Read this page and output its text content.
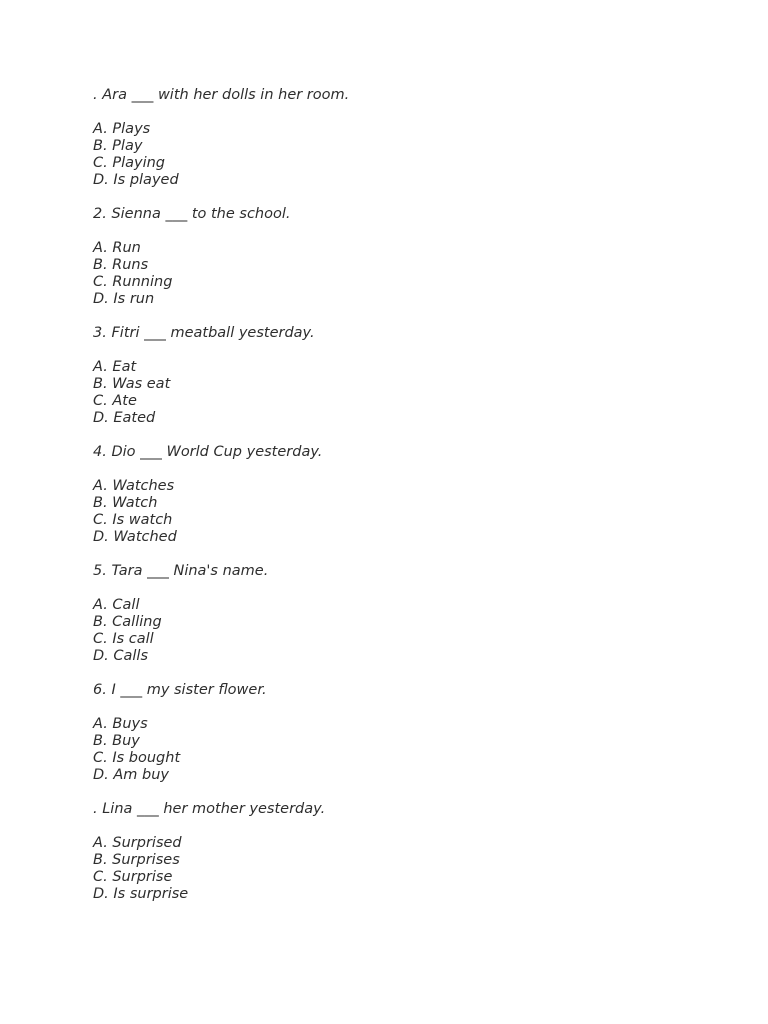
. Ara ___ with her dolls in her room.
A. Plays
B. Play
C. Playing
D. Is played
2. Sienna ___ to the school.
A. Run
B. Runs
C. Running
D. Is run
3. Fitri ___ meatball yesterday.
A. Eat
B. Was eat
C. Ate
D. Eated
4. Dio ___ World Cup yesterday.
A. Watches
B. Watch
C. Is watch
D. Watched
5. Tara ___ Nina's name.
A. Call
B. Calling
C. Is call
D. Calls
6. I ___ my sister flower.
A. Buys
B. Buy
C. Is bought
D. Am buy
. Lina ___ her mother yesterday.
A. Surprised
B. Surprises
C. Surprise
D. Is surprise
